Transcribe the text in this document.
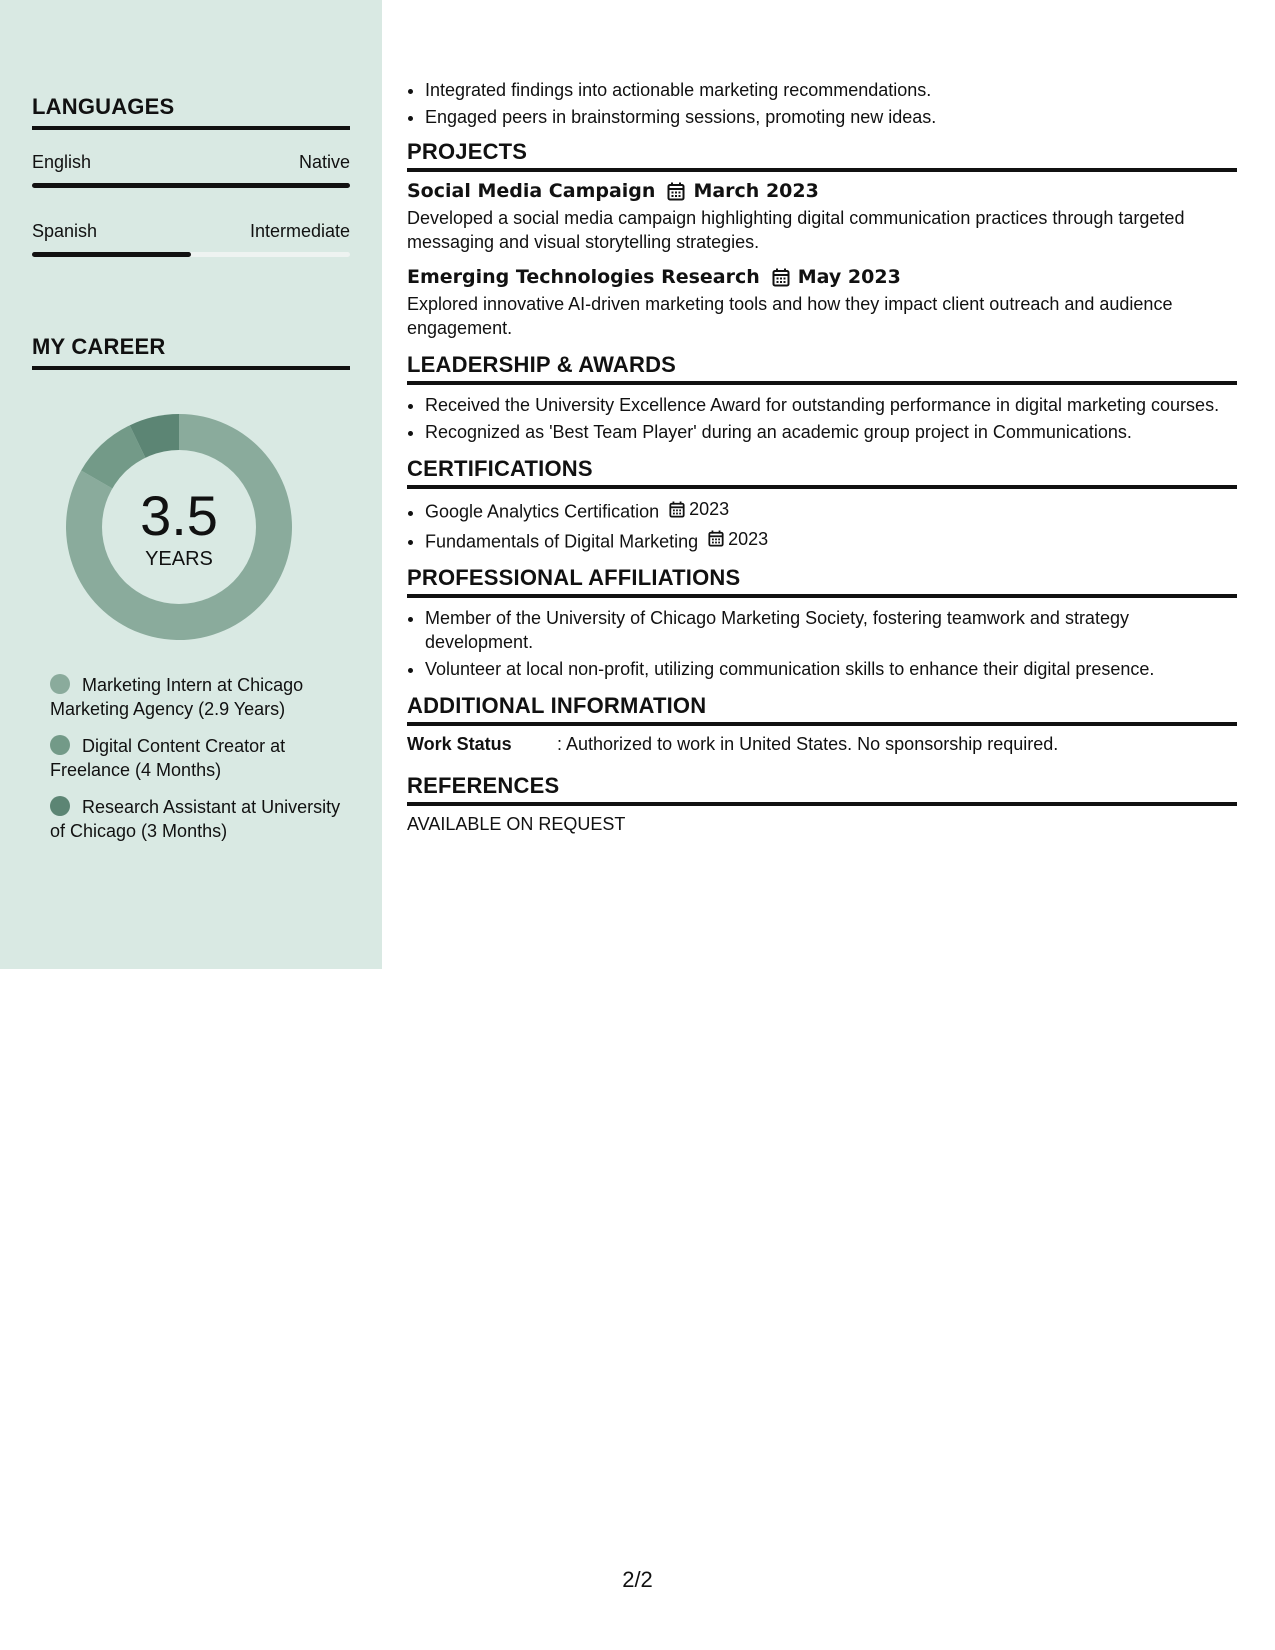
LANGUAGES
English	Native
Spanish	Intermediate
MY CAREER
3.5
YEARS
Marketing Intern at Chicago Marketing Agency (2.9 Years)
Digital Content Creator at Freelance (4 Months)
Research Assistant at University of Chicago (3 Months)
• Integrated findings into actionable marketing recommendations.
• Engaged peers in brainstorming sessions, promoting new ideas.
PROJECTS
Social Media Campaign March 2023
Developed a social media campaign highlighting digital communication practices through targeted messaging and visual storytelling strategies.
Emerging Technologies Research May 2023
Explored innovative AI-driven marketing tools and how they impact client outreach and audience engagement.
LEADERSHIP & AWARDS
• Received the University Excellence Award for outstanding performance in digital marketing courses.
• Recognized as 'Best Team Player' during an academic group project in Communications.
CERTIFICATIONS
• Google Analytics Certification 2023
• Fundamentals of Digital Marketing 2023
PROFESSIONAL AFFILIATIONS
• Member of the University of Chicago Marketing Society, fostering teamwork and strategy development.
• Volunteer at local non-profit, utilizing communication skills to enhance their digital presence.
ADDITIONAL INFORMATION
Work Status	: Authorized to work in United States. No sponsorship required.
REFERENCES
AVAILABLE ON REQUEST
2/2
